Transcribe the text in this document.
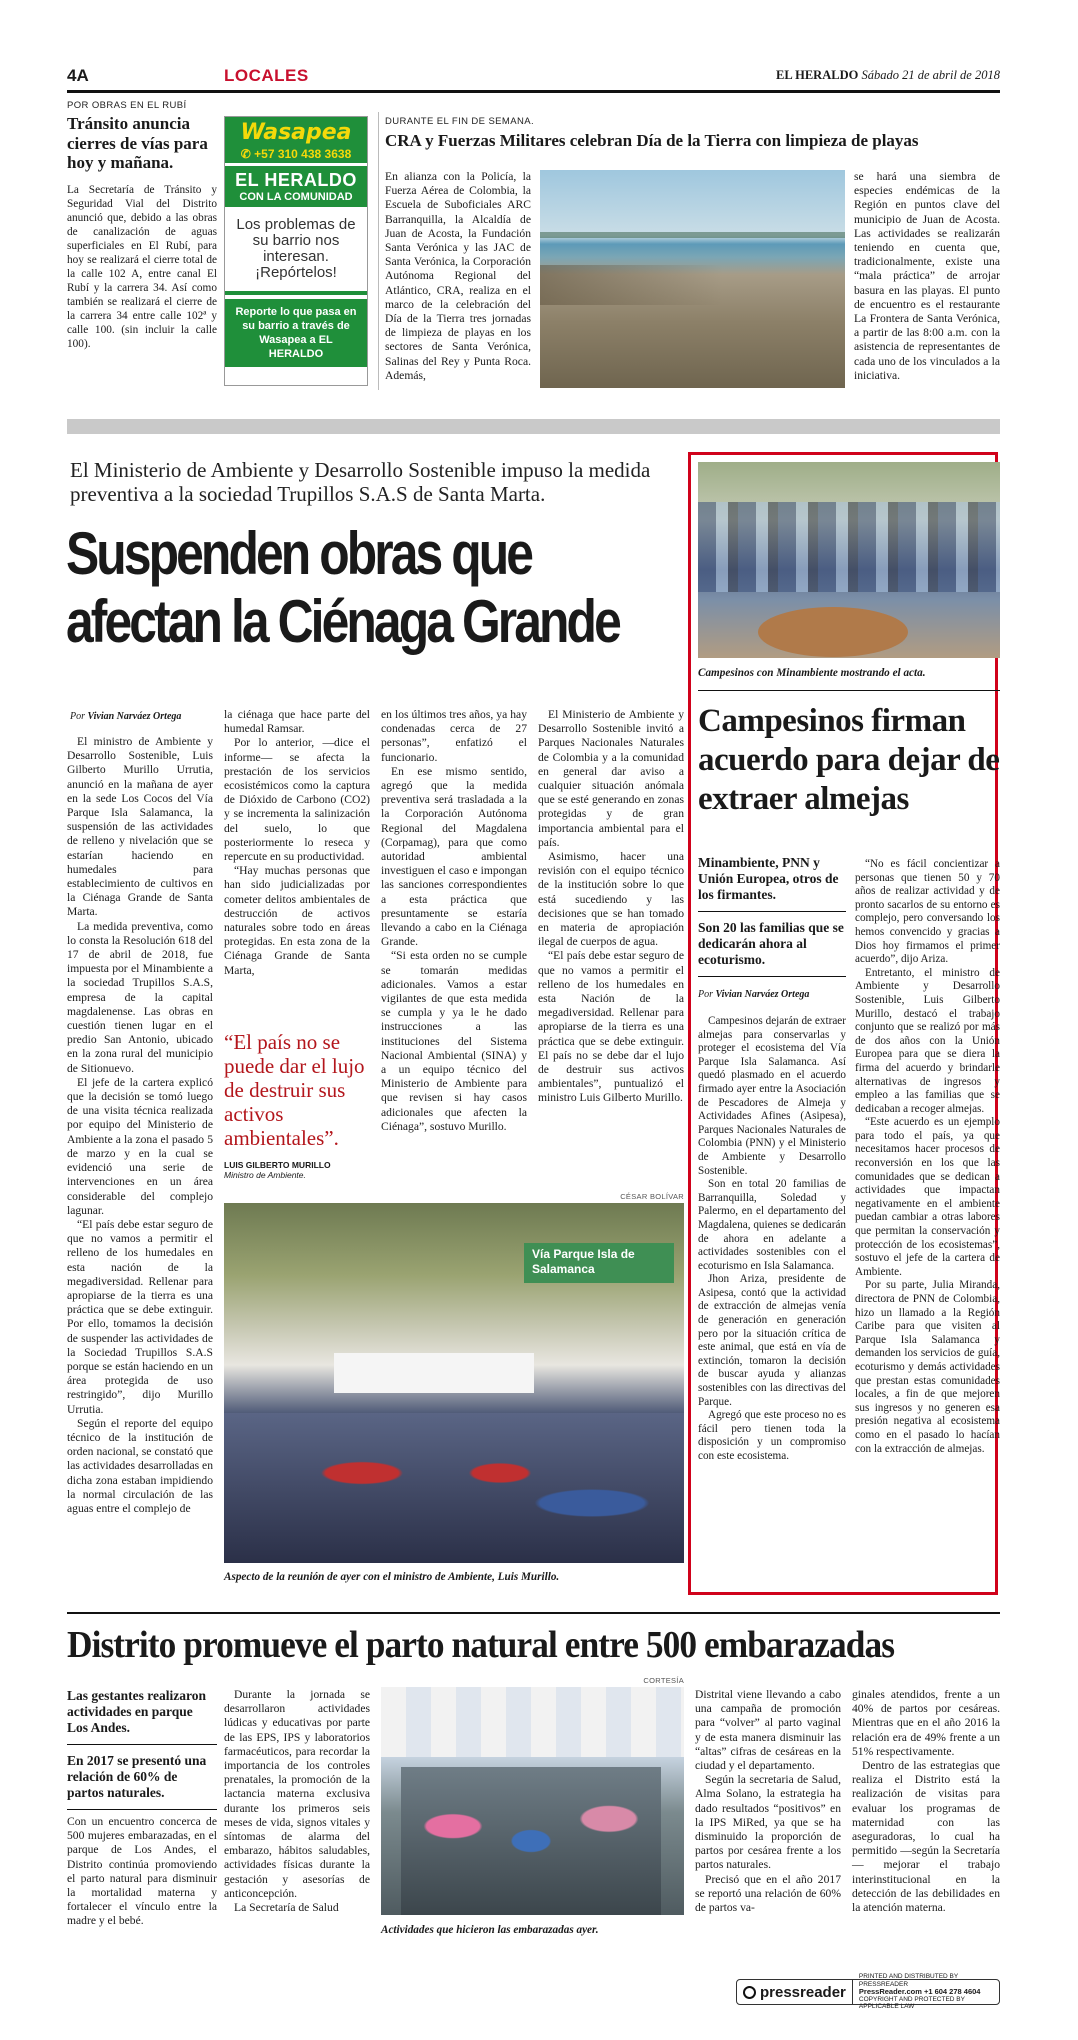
4A	LOCALES	EL HERALDO Sábado 21 de abril de 2018
POR OBRAS EN EL RUBÍ
Tránsito anuncia cierres de vías para hoy y mañana.

La Secretaría de Tránsito y Seguridad Vial del Distrito anunció que, debido a las obras de canalización de aguas superficiales en El Rubí, para hoy se realizará el cierre total de la calle 102 A, entre canal El Rubí y la carrera 34. Así como también se realizará el cierre de la carrera 34 entre calle 102ª y calle 100. (sin incluir la calle 100).

Wasapea
✆ +57 310 438 3638
EL HERALDO
CON LA COMUNIDAD
Los problemas de su barrio nos interesan. ¡Repórtelos!
Reporte lo que pasa en su barrio a través de Wasapea a EL HERALDO
DURANTE EL FIN DE SEMANA.
CRA y Fuerzas Militares celebran Día de la Tierra con limpieza de playas

En alianza con la Policía, la Fuerza Aérea de Colombia, la Escuela de Suboficiales ARC Barranquilla, la Alcaldía de Juan de Acosta, la Fundación Santa Verónica y las JAC de Santa Verónica, la Corporación Autónoma Regional del Atlántico, CRA, realiza en el marco de la celebración del Día de la Tierra tres jornadas de limpieza de playas en los sectores de Santa Verónica, Salinas del Rey y Punta Roca. Además,

se hará una siembra de especies endémicas de la Región en puntos clave del municipio de Juan de Acosta. Las actividades se realizarán teniendo en cuenta que, tradicionalmente, existe una “mala práctica” de arrojar basura en las playas. El punto de encuentro es el restaurante La Frontera de Santa Verónica, a partir de las 8:00 a.m. con la asistencia de representantes de cada uno de los vinculados a la iniciativa.

El Ministerio de Ambiente y Desarrollo Sostenible impuso la medida preventiva a la sociedad Trupillos S.A.S de Santa Marta.
Suspenden obras que
afectan la Ciénaga Grande
Por Vivian Narváez Ortega

El ministro de Ambiente y Desarrollo Sostenible, Luis Gilberto Murillo Urrutia, anunció en la mañana de ayer en la sede Los Cocos del Vía Parque Isla Salamanca, la suspensión de las actividades de relleno y nivelación que se estarían haciendo en humedales para establecimiento de cultivos en la Ciénaga Grande de Santa Marta.

La medida preventiva, como lo consta la Resolución 618 del 17 de abril de 2018, fue impuesta por el Minambiente a la sociedad Trupillos S.A.S, empresa de la capital magdalenense. Las obras en cuestión tienen lugar en el predio San Antonio, ubicado en la zona rural del municipio de Sitionuevo.

El jefe de la cartera explicó que la decisión se tomó luego de una visita técnica realizada por equipo del Ministerio de Ambiente a la zona el pasado 5 de marzo y en la cual se evidenció una serie de intervenciones en un área considerable del complejo lagunar.

“El país debe estar seguro de que no vamos a permitir el relleno de los humedales en esta nación de la megadiversidad. Rellenar para apropiarse de la tierra es una práctica que se debe extinguir. Por ello, tomamos la decisión de suspender las actividades de la Sociedad Trupillos S.A.S porque se están haciendo en un área protegida de uso restringido”, dijo Murillo Urrutia.

Según el reporte del equipo técnico de la institución de orden nacional, se constató que las actividades desarrolladas en dicha zona estaban impidiendo la normal circulación de las aguas entre el complejo de

la ciénaga que hace parte del humedal Ramsar.

Por lo anterior, —dice el informe— se afecta la prestación de los servicios ecosistémicos como la captura de Dióxido de Carbono (CO2) y se incrementa la salinización del suelo, lo que posteriormente lo reseca y repercute en su productividad.

“Hay muchas personas que han sido judicializadas por cometer delitos ambientales de destrucción de activos naturales sobre todo en áreas protegidas. En esta zona de la Ciénaga Grande de Santa Marta,

en los últimos tres años, ya hay condenadas cerca de 27 personas”, enfatizó el funcionario.

En ese mismo sentido, agregó que la medida preventiva será trasladada a la la Corporación Autónoma Regional del Magdalena (Corpamag), para que como autoridad ambiental investiguen el caso e impongan las sanciones correspondientes a esta práctica que presuntamente se estaría llevando a cabo en la Ciénaga Grande.

“Si esta orden no se cumple se tomarán medidas adicionales. Vamos a estar vigilantes de que esta medida se cumpla y ya le he dado instrucciones a las instituciones del Sistema Nacional Ambiental (SINA) y a un equipo técnico del Ministerio de Ambiente para que revisen si hay casos adicionales que afecten la Ciénaga”, sostuvo Murillo.

El Ministerio de Ambiente y Desarrollo Sostenible invitó a Parques Nacionales Naturales de Colombia y a la comunidad en general dar aviso a cualquier situación anómala que se esté generando en zonas protegidas y de gran importancia ambiental para el país.

Asimismo, hacer una revisión con el equipo técnico de la institución sobre lo que está sucediendo y las decisiones que se han tomado en materia de apropiación ilegal de cuerpos de agua.

“El país debe estar seguro de que no vamos a permitir el relleno de los humedales en esta Nación de la megadiversidad. Rellenar para apropiarse de la tierra es una práctica que se debe extinguir. El país no se debe dar el lujo de destruir sus activos ambientales”, puntualizó el ministro Luis Gilberto Murillo.

“El país no se puede dar el lujo de destruir sus activos ambientales”.
LUIS GILBERTO MURILLO
Ministro de Ambiente.
CÉSAR BOLÍVAR
Vía Parque Isla de Salamanca
Aspecto de la reunión de ayer con el ministro de Ambiente, Luis Murillo.
Campesinos con Minambiente mostrando el acta.
Campesinos firman acuerdo para dejar de extraer almejas
Minambiente, PNN y Unión Europea, otros de los firmantes.
Son 20 las familias que se dedicarán ahora al ecoturismo.
Por Vivian Narváez Ortega

Campesinos dejarán de extraer almejas para conservarlas y proteger el ecosistema del Vía Parque Isla Salamanca. Así quedó plasmado en el acuerdo firmado ayer entre la Asociación de Pescadores de Almeja y Actividades Afines (Asipesa), Parques Nacionales Naturales de Colombia (PNN) y el Ministerio de Ambiente y Desarrollo Sostenible.

Son en total 20 familias de Barranquilla, Soledad y Palermo, en el departamento del Magdalena, quienes se dedicarán de ahora en adelante a actividades sostenibles con el ecoturismo en Isla Salamanca.

Jhon Ariza, presidente de Asipesa, contó que la actividad de extracción de almejas venía de generación en generación pero por la situación crítica de este animal, que está en vía de extinción, tomaron la decisión de buscar ayuda y alianzas sostenibles con las directivas del Parque.

Agregó que este proceso no es fácil pero tienen toda la disposición y un compromiso con este ecosistema.

“No es fácil concientizar a personas que tienen 50 y 70 años de realizar actividad y de pronto sacarlos de su entorno es complejo, pero conversando los hemos convencido y gracias a Dios hoy firmamos el primer acuerdo”, dijo Ariza.

Entretanto, el ministro de Ambiente y Desarrollo Sostenible, Luis Gilberto Murillo, destacó el trabajo conjunto que se realizó por más de dos años con la Unión Europea para que se diera la firma del acuerdo y brindarle alternativas de ingresos y empleo a las familias que se dedicaban a recoger almejas.

“Este acuerdo es un ejemplo para todo el país, ya que necesitamos hacer procesos de reconversión en los que las comunidades que se dedican a actividades que impactan negativamente en el ambiente puedan cambiar a otras labores que permitan la conservación y protección de los ecosistemas”, sostuvo el jefe de la cartera de Ambiente.

Por su parte, Julia Miranda, directora de PNN de Colombia, hizo un llamado a la Región Caribe para que visiten al Parque Isla Salamanca y demanden los servicios de guía, ecoturismo y demás actividades que prestan estas comunidades locales, a fin de que mejoren sus ingresos y no generen esa presión negativa al ecosistema como en el pasado lo hacían con la extracción de almejas.

Distrito promueve el parto natural entre 500 embarazadas
Las gestantes realizaron actividades en parque Los Andes.
En 2017 se presentó una relación de 60% de partos naturales.

Con un encuentro concerca de 500 mujeres embarazadas, en el parque de Los Andes, el Distrito continúa promoviendo el parto natural para disminuir la mortalidad materna y fortalecer el vínculo entre la madre y el bebé.

Durante la jornada se desarrollaron actividades lúdicas y educativas por parte de las EPS, IPS y laboratorios farmacéuticos, para recordar la importancia de los controles prenatales, la promoción de la lactancia materna exclusiva durante los primeros seis meses de vida, signos vitales y síntomas de alarma del embarazo, hábitos saludables, actividades físicas durante la gestación y asesorías de anticoncepción.

La Secretaría de Salud

CORTESÍA
Actividades que hicieron las embarazadas ayer.

Distrital viene llevando a cabo una campaña de promoción para “volver” al parto vaginal y de esta manera disminuir las “altas” cifras de cesáreas en la ciudad y el departamento.

Según la secretaria de Salud, Alma Solano, la estrategia ha dado resultados “positivos” en la IPS MiRed, ya que se ha disminuido la proporción de partos por cesárea frente a los partos naturales.

Precisó que en el año 2017 se reportó una relación de 60% de partos va-

ginales atendidos, frente a un 40% de partos por cesáreas. Mientras que en el año 2016 la relación era de 49% frente a un 51% respectivamente.

Dentro de las estrategias que realiza el Distrito está la realización de visitas para evaluar los programas de maternidad con las aseguradoras, lo cual ha permitido —según la Secretaría— mejorar el trabajo interinstitucional en la detección de las debilidades en la atención materna.

pressreader
PRINTED AND DISTRIBUTED BY PRESSREADER
PressReader.com +1 604 278 4604
COPYRIGHT AND PROTECTED BY APPLICABLE LAW
